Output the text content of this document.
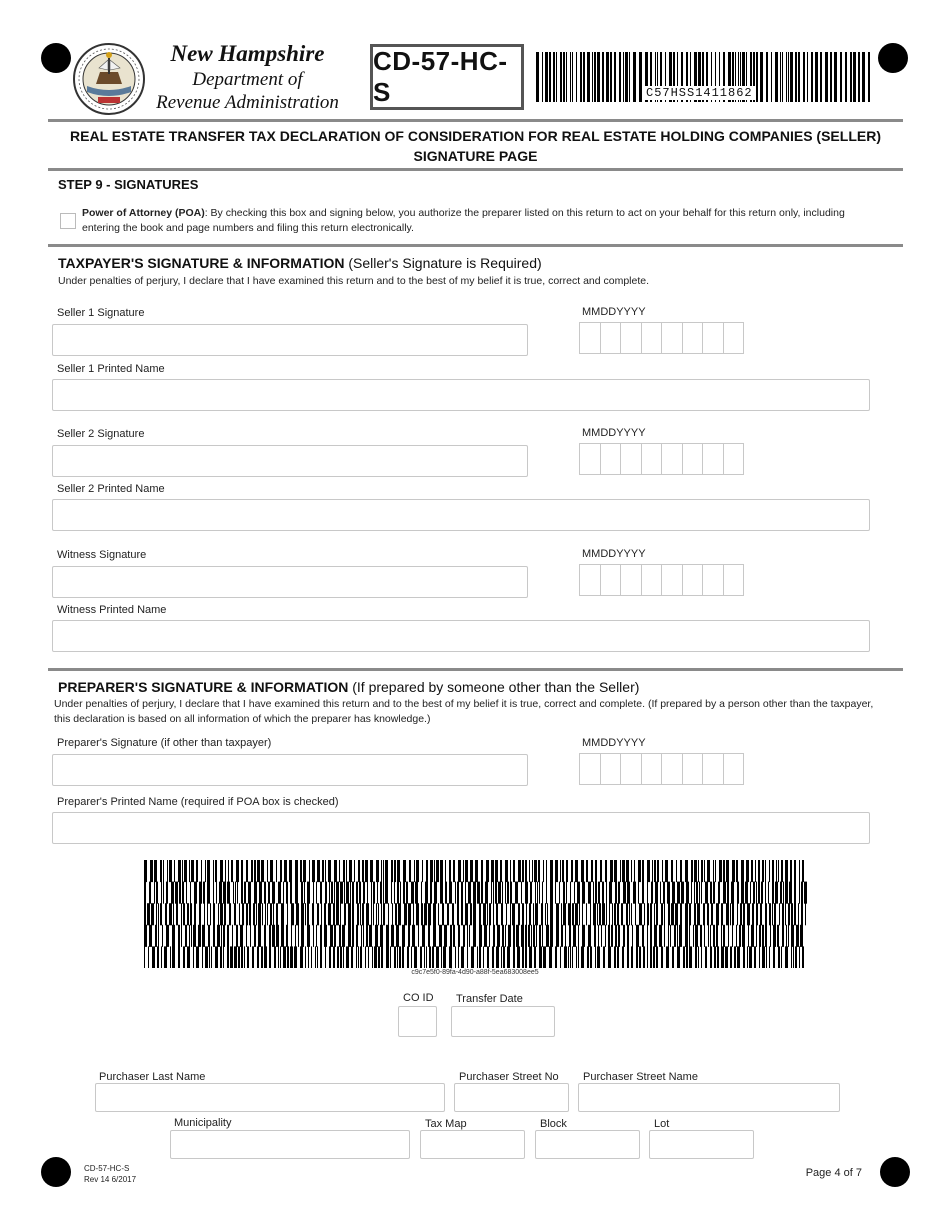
New Hampshire
Department of
Revenue Administration
CD-57-HC-S	C57HSS1411862
REAL ESTATE TRANSFER TAX DECLARATION OF CONSIDERATION FOR REAL ESTATE HOLDING COMPANIES (SELLER)
SIGNATURE PAGE
STEP 9 - SIGNATURES
Power of Attorney (POA): By checking this box and signing below, you authorize the preparer listed on this return to act on your behalf for this return only, including entering the book and page numbers and filing this return electronically.
TAXPAYER'S SIGNATURE & INFORMATION (Seller's Signature is Required)
Under penalties of perjury, I declare that I have examined this return and to the best of my belief it is true, correct and complete.
Seller 1 Signature	MMDDYYYY
Seller 1 Printed Name
Seller 2 Signature	MMDDYYYY
Seller 2 Printed Name
Witness Signature	MMDDYYYY
Witness Printed Name
PREPARER'S SIGNATURE & INFORMATION (If prepared by someone other than the Seller)
Under penalties of perjury, I declare that I have examined this return and to the best of my belief it is true, correct and complete. (If prepared by a person other than the taxpayer, this declaration is based on all information of which the preparer has knowledge.)
Preparer's Signature (if other than taxpayer)	MMDDYYYY
Preparer's Printed Name (required if POA box is checked)
c9c7e5f0-89fa-4d90-a88f-5ea683008ee5
CO ID Transfer Date
Purchaser Last Name	Purchaser Street No Purchaser Street Name
Municipality	Tax Map	Block	Lot
CD-57-HC-S
Rev 14 6/2017
Page 4 of 7
